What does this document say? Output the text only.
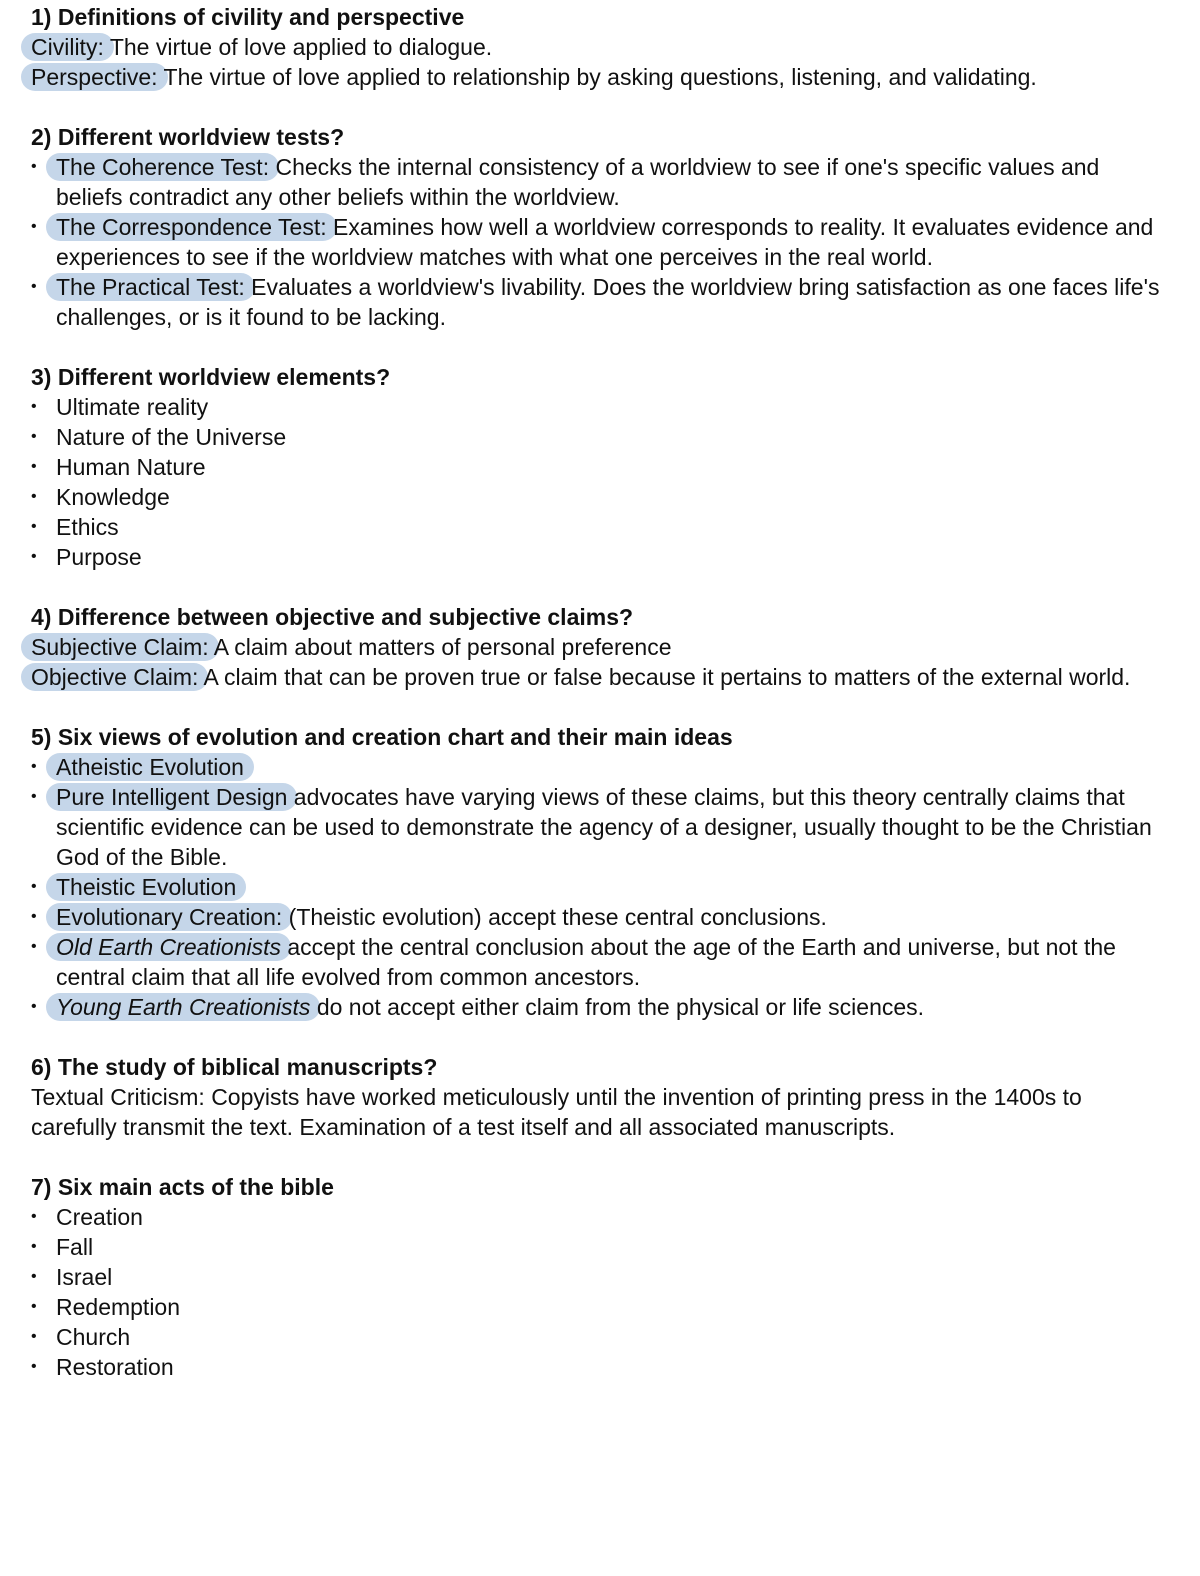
1) Definitions of civility and perspective

Civility: The virtue of love applied to dialogue.

Perspective: The virtue of love applied to relationship by asking questions, listening, and validating.

2) Different worldview tests?

• The Coherence Test: Checks the internal consistency of a worldview to see if one's specific values and beliefs contradict any other beliefs within the worldview.
• The Correspondence Test: Examines how well a worldview corresponds to reality. It evaluates evidence and experiences to see if the worldview matches with what one perceives in the real world.
• The Practical Test: Evaluates a worldview's livability. Does the worldview bring satisfaction as one faces life's challenges, or is it found to be lacking.

3) Different worldview elements?

• Ultimate reality
• Nature of the Universe
• Human Nature
• Knowledge
• Ethics
• Purpose

4) Difference between objective and subjective claims?

Subjective Claim: A claim about matters of personal preference

Objective Claim: A claim that can be proven true or false because it pertains to matters of the external world.

5) Six views of evolution and creation chart and their main ideas

• Atheistic Evolution
• Pure Intelligent Design advocates have varying views of these claims, but this theory centrally claims that scientific evidence can be used to demonstrate the agency of a designer, usually thought to be the Christian God of the Bible.
• Theistic Evolution
• Evolutionary Creation: (Theistic evolution) accept these central conclusions.
• Old Earth Creationists accept the central conclusion about the age of the Earth and universe, but not the central claim that all life evolved from common ancestors.
• Young Earth Creationists do not accept either claim from the physical or life sciences.

6) The study of biblical manuscripts?

Textual Criticism: Copyists have worked meticulously until the invention of printing press in the 1400s to carefully transmit the text. Examination of a test itself and all associated manuscripts.

7) Six main acts of the bible

• Creation
• Fall
• Israel
• Redemption
• Church
• Restoration
